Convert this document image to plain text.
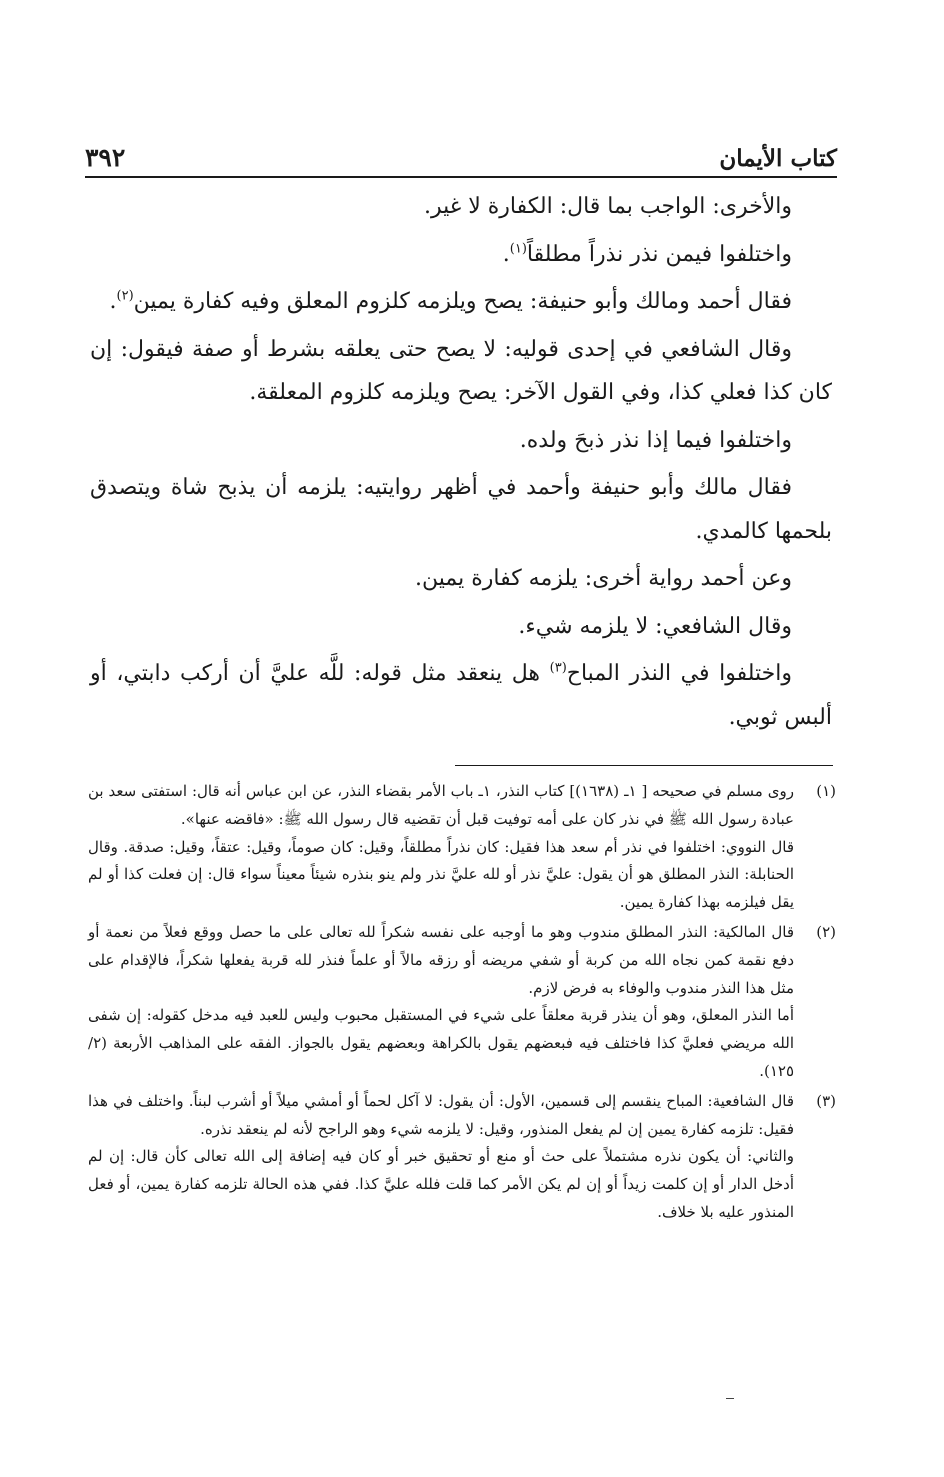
٣٩٢	كتاب الأيمان

والأخرى: الواجب بما قال: الكفارة لا غير.

واختلفوا فيمن نذر نذراً مطلقاً$^{(١)}$.

فقال أحمد ومالك وأبو حنيفة: يصح ويلزمه كلزوم المعلق وفيه كفارة يمين$^{(٢)}$.

وقال الشافعي في إحدى قوليه: لا يصح حتى يعلقه بشرط أو صفة فيقول: إن كان كذا فعلي كذا، وفي القول الآخر: يصح ويلزمه كلزوم المعلقة.

واختلفوا فيما إذا نذر ذبحَ ولده.

فقال مالك وأبو حنيفة وأحمد في أظهر روايتيه: يلزمه أن يذبح شاة ويتصدق بلحمها كالمدي.

وعن أحمد رواية أخرى: يلزمه كفارة يمين.

وقال الشافعي: لا يلزمه شيء.

واختلفوا في النذر المباح$^{(٣)}$ هل ينعقد مثل قوله: للَّه عليَّ أن أركب دابتي، أو ألبس ثوبي.

(١)
روى مسلم في صحيحه [ ١ـ (١٦٣٨)] كتاب النذر، ١ـ باب الأمر بقضاء النذر، عن ابن عباس أنه قال: استفتى سعد بن عبادة رسول الله ﷺ في نذر كان على أمه توفيت قبل أن تقضيه قال رسول الله ﷺ: «فاقضه عنها».
قال النووي: اختلفوا في نذر أم سعد هذا فقيل: كان نذراً مطلقاً، وقيل: كان صوماً، وقيل: عتقاً، وقيل: صدقة. وقال الحنابلة: النذر المطلق هو أن يقول: عليَّ نذر أو لله عليَّ نذر ولم ينو بنذره شيئاً معيناً سواء قال: إن فعلت كذا أو لم يقل فيلزمه بهذا كفارة يمين.
(٢)
قال المالكية: النذر المطلق مندوب وهو ما أوجبه على نفسه شكراً لله تعالى على ما حصل ووقع فعلاً من نعمة أو دفع نقمة كمن نجاه الله من كربة أو شفي مريضه أو رزقه مالاً أو علماً فنذر لله قربة يفعلها شكراً، فالإقدام على مثل هذا النذر مندوب والوفاء به فرض لازم.
أما النذر المعلق، وهو أن ينذر قربة معلقاً على شيء في المستقبل محبوب وليس للعبد فيه مدخل كقوله: إن شفى الله مريضي فعليَّ كذا فاختلف فيه فبعضهم يقول بالكراهة وبعضهم يقول بالجواز. الفقه على المذاهب الأربعة (٢/ ١٢٥).
(٣)
قال الشافعية: المباح ينقسم إلى قسمين، الأول: أن يقول: لا آكل لحماً أو أمشي ميلاً أو أشرب لبناً. واختلف في هذا فقيل: تلزمه كفارة يمين إن لم يفعل المنذور، وقيل: لا يلزمه شيء وهو الراجح لأنه لم ينعقد نذره.
والثاني: أن يكون نذره مشتملاً على حث أو منع أو تحقيق خبر أو كان فيه إضافة إلى الله تعالى كأن قال: إن لم أدخل الدار أو إن كلمت زيداً أو إن لم يكن الأمر كما قلت فلله عليَّ كذا. ففي هذه الحالة تلزمه كفارة يمين، أو فعل المنذور عليه بلا خلاف.
